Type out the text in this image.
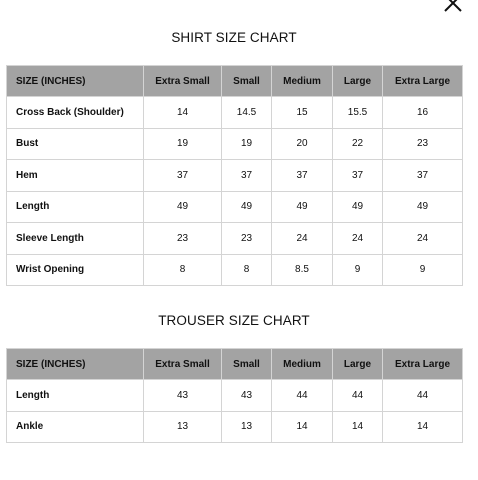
SHIRT SIZE CHART
SIZE (INCHES)	Extra Small	Small	Medium	Large	Extra Large
Cross Back (Shoulder)	14	14.5	15	15.5	16
Bust	19	19	20	22	23
Hem	37	37	37	37	37
Length	49	49	49	49	49
Sleeve Length	23	23	24	24	24
Wrist Opening	8	8	8.5	9	9
TROUSER SIZE CHART
SIZE (INCHES)	Extra Small	Small	Medium	Large	Extra Large
Length	43	43	44	44	44
Ankle	13	13	14	14	14
